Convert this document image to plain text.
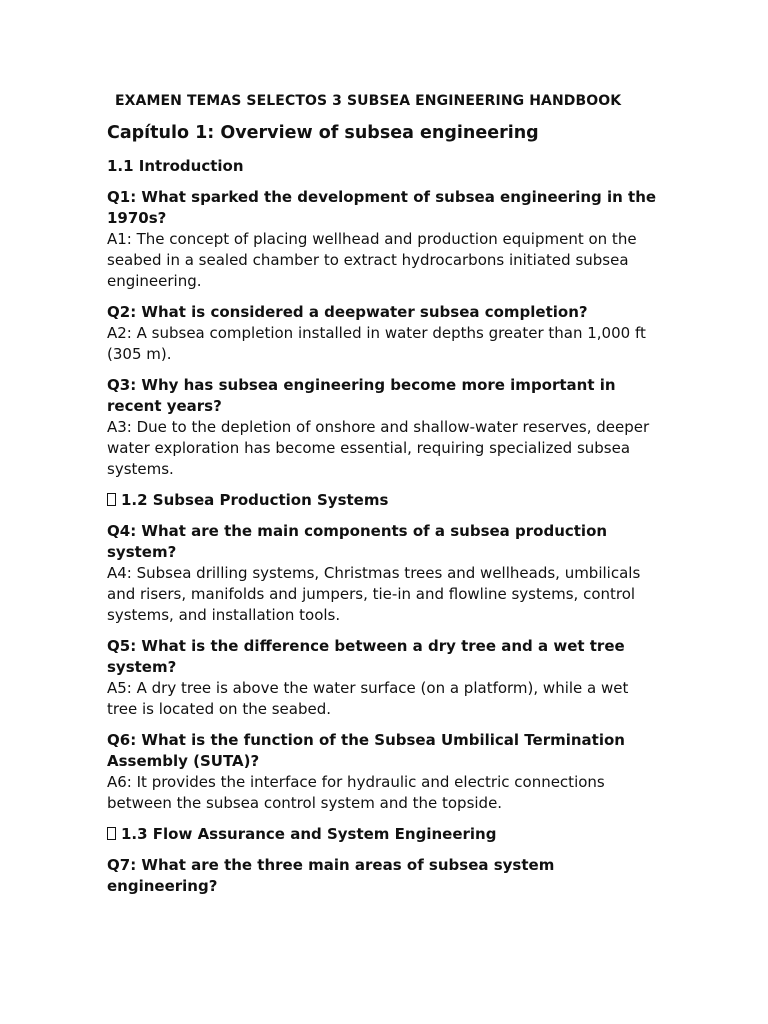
EXAMEN TEMAS SELECTOS 3 SUBSEA ENGINEERING HANDBOOK
Capítulo 1: Overview of subsea engineering
1.1 Introduction

Q1: What sparked the development of subsea engineering in the 1970s?

A1: The concept of placing wellhead and production equipment on the seabed in a sealed chamber to extract hydrocarbons initiated subsea engineering.

Q2: What is considered a deepwater subsea completion?

A2: A subsea completion installed in water depths greater than 1,000 ft (305 m).

Q3: Why has subsea engineering become more important in recent years?

A3: Due to the depletion of onshore and shallow-water reserves, deeper water exploration has become essential, requiring specialized subsea systems.

1.2 Subsea Production Systems

Q4: What are the main components of a subsea production system?

A4: Subsea drilling systems, Christmas trees and wellheads, umbilicals and risers, manifolds and jumpers, tie-in and flowline systems, control systems, and installation tools.

Q5: What is the difference between a dry tree and a wet tree system?

A5: A dry tree is above the water surface (on a platform), while a wet tree is located on the seabed.

Q6: What is the function of the Subsea Umbilical Termination Assembly (SUTA)?

A6: It provides the interface for hydraulic and electric connections between the subsea control system and the topside.

1.3 Flow Assurance and System Engineering

Q7: What are the three main areas of subsea system engineering?
